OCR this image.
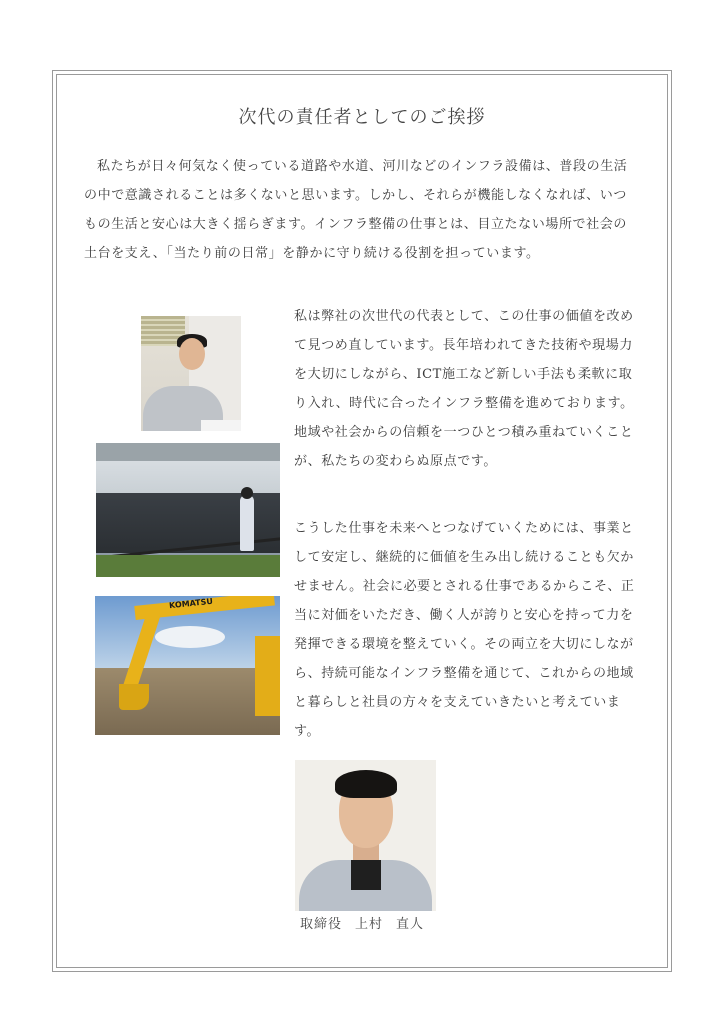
次代の責任者としてのご挨拶

私たちが日々何気なく使っている道路や水道、河川などのインフラ設備は、普段の生活の中で意識されることは多くないと思います。しかし、それらが機能しなくなれば、いつもの生活と安心は大きく揺らぎます。インフラ整備の仕事とは、目立たない場所で社会の土台を支え、「当たり前の日常」を静かに守り続ける役割を担っています。

KOMATSU

私は弊社の次世代の代表として、この仕事の価値を改めて見つめ直しています。長年培われてきた技術や現場力を大切にしながら、ICT施工など新しい手法も柔軟に取り入れ、時代に合ったインフラ整備を進めております。地域や社会からの信頼を一つひとつ積み重ねていくことが、私たちの変わらぬ原点です。

こうした仕事を未来へとつなげていくためには、事業として安定し、継続的に価値を生み出し続けることも欠かせません。社会に必要とされる仕事であるからこそ、正当に対価をいただき、働く人が誇りと安心を持って力を発揮できる環境を整えていく。その両立を大切にしながら、持続可能なインフラ整備を通じて、これからの地域と暮らしと社員の方々を支えていきたいと考えています。

取締役 上村 直人
